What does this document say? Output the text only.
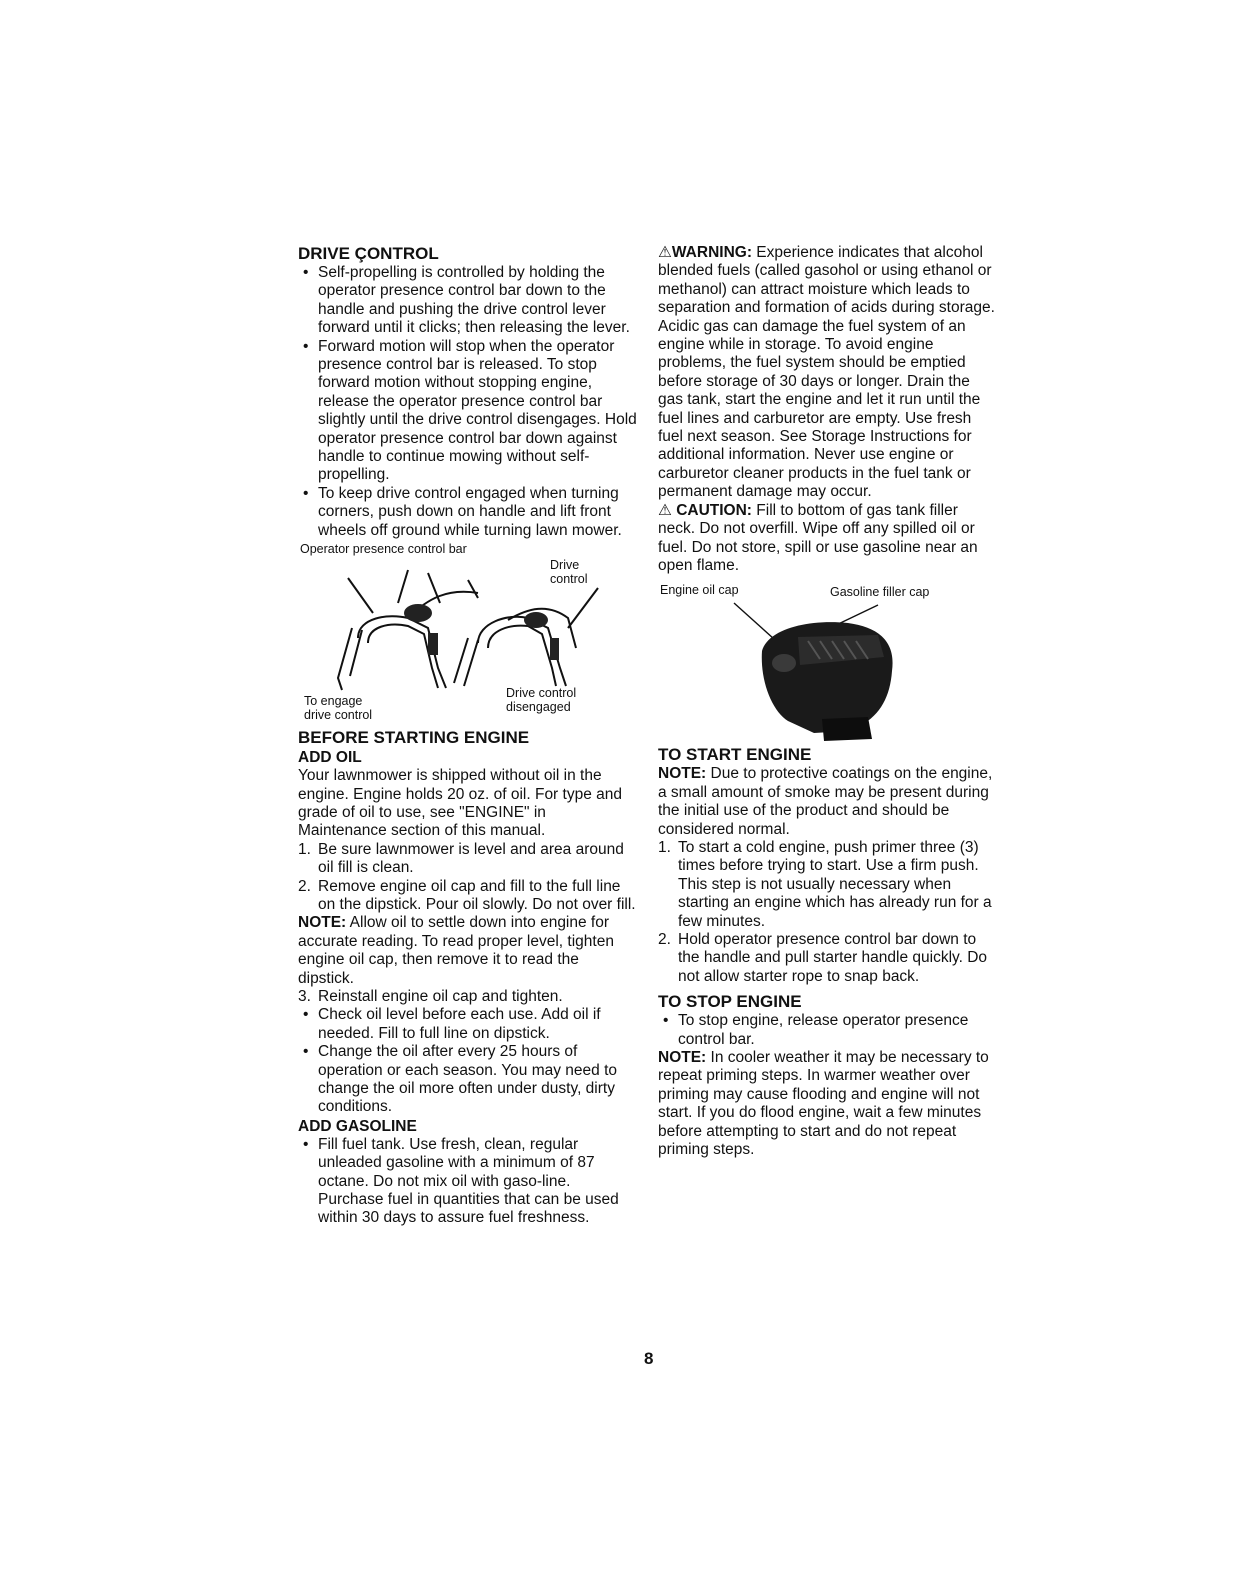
DRIVE ÇONTROL
• Self-propelling is controlled by holding the operator presence control bar down to the handle and pushing the drive control lever forward until it clicks; then releasing the lever.
• Forward motion will stop when the operator presence control bar is released. To stop forward motion without stopping engine, release the operator presence control bar slightly until the drive control disengages. Hold operator presence control bar down against handle to continue mowing without self-propelling.
• To keep drive control engaged when turning corners, push down on handle and lift front wheels off ground while turning lawn mower.
Operator presence control bar
Drive
control
To engage
drive control
Drive control
disengaged
BEFORE STARTING ENGINE
ADD OIL

Your lawnmower is shipped without oil in the engine. Engine holds 20 oz. of oil. For type and grade of oil to use, see "ENGINE" in Maintenance section of this manual.

1. Be sure lawnmower is level and area around oil fill is clean.
2. Remove engine oil cap and fill to the full line on the dipstick. Pour oil slowly. Do not over fill.

NOTE: Allow oil to settle down into engine for accurate reading. To read proper level, tighten engine oil cap, then remove it to read the dipstick.

3. Reinstall engine oil cap and tighten.
• Check oil level before each use. Add oil if needed. Fill to full line on dipstick.
• Change the oil after every 25 hours of operation or each season. You may need to change the oil more often under dusty, dirty conditions.
ADD GASOLINE
• Fill fuel tank. Use fresh, clean, regular unleaded gasoline with a minimum of 87 octane. Do not mix oil with gaso-line. Purchase fuel in quantities that can be used within 30 days to assure fuel freshness.

⚠WARNING: Experience indicates that alcohol blended fuels (called gasohol or using ethanol or methanol) can attract moisture which leads to separation and formation of acids during storage. Acidic gas can damage the fuel system of an engine while in storage. To avoid engine problems, the fuel system should be emptied before storage of 30 days or longer. Drain the gas tank, start the engine and let it run until the fuel lines and carburetor are empty. Use fresh fuel next season. See Storage Instructions for additional information. Never use engine or carburetor cleaner products in the fuel tank or permanent damage may occur.

⚠ CAUTION: Fill to bottom of gas tank filler neck. Do not overfill. Wipe off any spilled oil or fuel. Do not store, spill or use gasoline near an open flame.

Engine oil cap	Gasoline filler cap
TO START ENGINE

NOTE: Due to protective coatings on the engine, a small amount of smoke may be present during the initial use of the product and should be considered normal.

1. To start a cold engine, push primer three (3) times before trying to start. Use a firm push. This step is not usually necessary when starting an engine which has already run for a few minutes.
2. Hold operator presence control bar down to the handle and pull starter handle quickly. Do not allow starter rope to snap back.
TO STOP ENGINE
• To stop engine, release operator presence control bar.

NOTE: In cooler weather it may be necessary to repeat priming steps. In warmer weather over priming may cause flooding and engine will not start. If you do flood engine, wait a few minutes before attempting to start and do not repeat priming steps.

8
